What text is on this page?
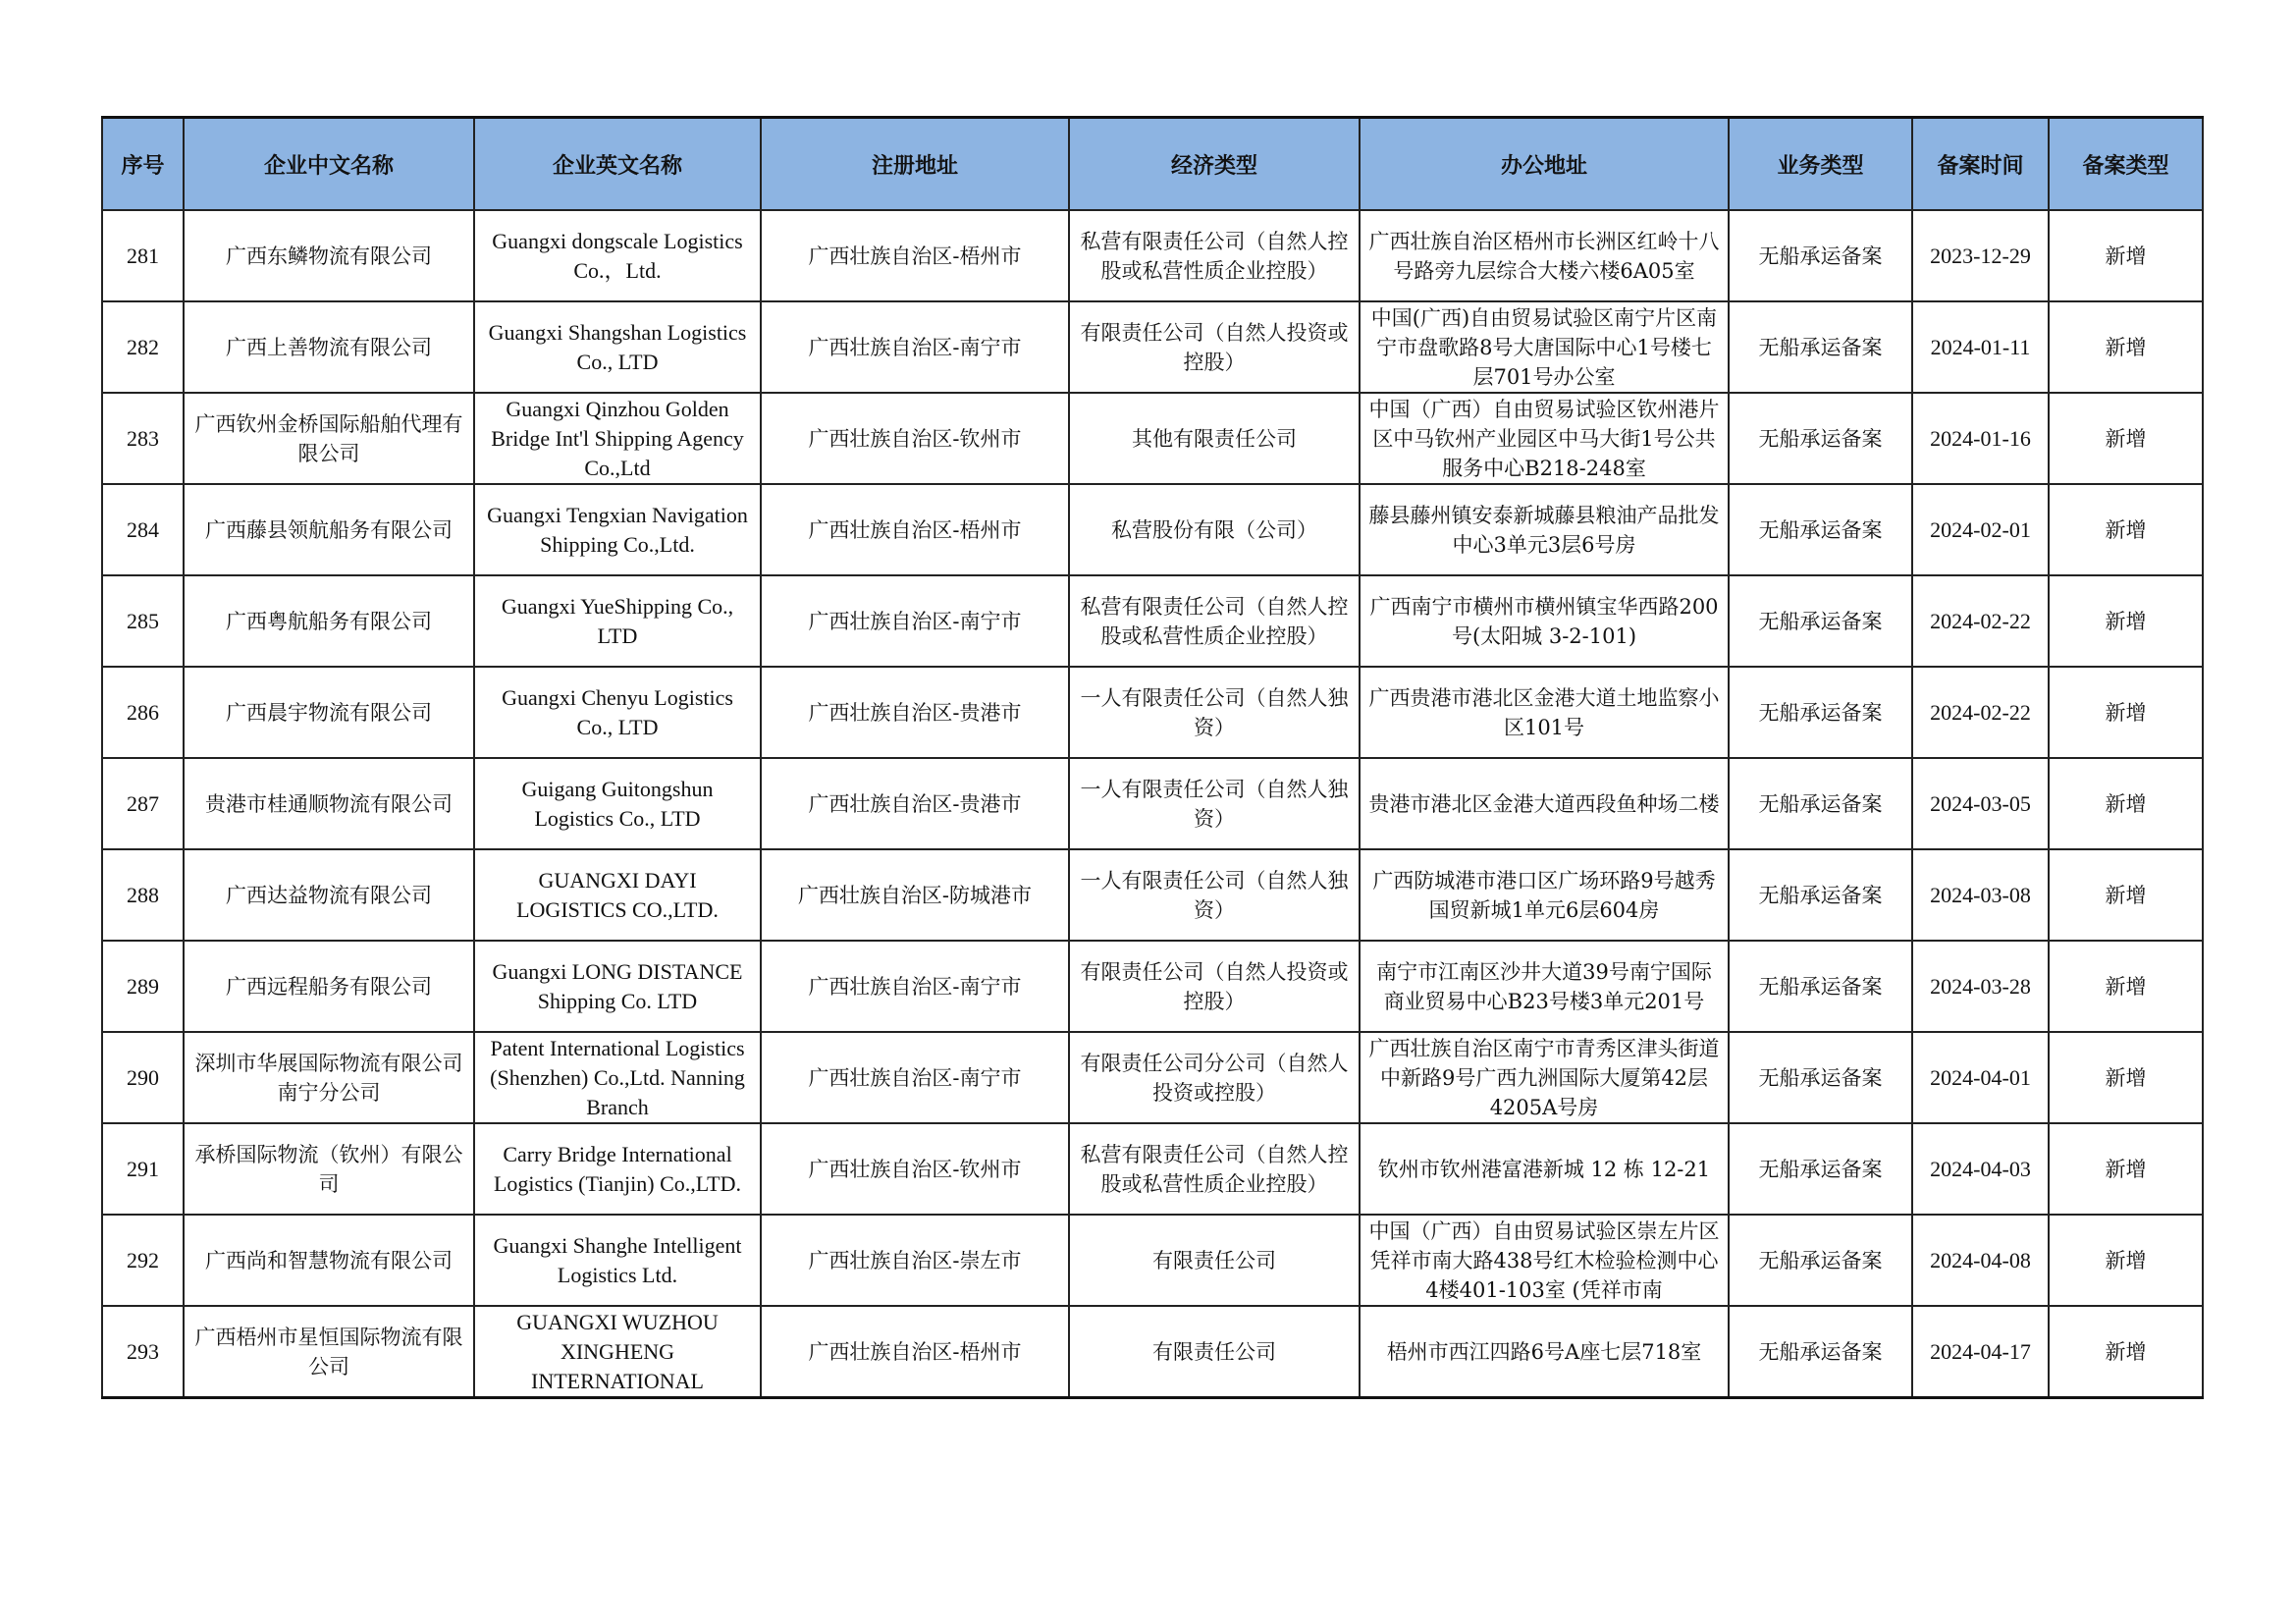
序号	企业中文名称	企业英文名称	注册地址	经济类型	办公地址	业务类型	备案时间	备案类型
281	广西东鳞物流有限公司	Guangxi dongscale Logistics Co.，Ltd.	广西壮族自治区-梧州市	私营有限责任公司（自然人控股或私营性质企业控股）	广西壮族自治区梧州市长洲区红岭十八号路旁九层综合大楼六楼6A05室	无船承运备案	2023-12-29	新增
282	广西上善物流有限公司	Guangxi Shangshan Logistics Co., LTD	广西壮族自治区-南宁市	有限责任公司（自然人投资或控股）	中国(广西)自由贸易试验区南宁片区南宁市盘歌路8号大唐国际中心1号楼七层701号办公室	无船承运备案	2024-01-11	新增
283	广西钦州金桥国际船舶代理有限公司	Guangxi Qinzhou Golden Bridge Int'l Shipping Agency Co.,Ltd	广西壮族自治区-钦州市	其他有限责任公司	中国（广西）自由贸易试验区钦州港片区中马钦州产业园区中马大街1号公共服务中心B218-248室	无船承运备案	2024-01-16	新增
284	广西藤县领航船务有限公司	Guangxi Tengxian Navigation Shipping Co.,Ltd.	广西壮族自治区-梧州市	私营股份有限（公司）	藤县藤州镇安泰新城藤县粮油产品批发中心3单元3层6号房	无船承运备案	2024-02-01	新增
285	广西粤航船务有限公司	Guangxi YueShipping Co., LTD	广西壮族自治区-南宁市	私营有限责任公司（自然人控股或私营性质企业控股）	广西南宁市横州市横州镇宝华西路200号(太阳城 3-2-101)	无船承运备案	2024-02-22	新增
286	广西晨宇物流有限公司	Guangxi Chenyu Logistics Co., LTD	广西壮族自治区-贵港市	一人有限责任公司（自然人独资）	广西贵港市港北区金港大道土地监察小区101号	无船承运备案	2024-02-22	新增
287	贵港市桂通顺物流有限公司	Guigang Guitongshun Logistics Co., LTD	广西壮族自治区-贵港市	一人有限责任公司（自然人独资）	贵港市港北区金港大道西段鱼种场二楼	无船承运备案	2024-03-05	新增
288	广西达益物流有限公司	GUANGXI DAYI LOGISTICS CO.,LTD.	广西壮族自治区-防城港市	一人有限责任公司（自然人独资）	广西防城港市港口区广场环路9号越秀国贸新城1单元6层604房	无船承运备案	2024-03-08	新增
289	广西远程船务有限公司	Guangxi LONG DISTANCE Shipping Co. LTD	广西壮族自治区-南宁市	有限责任公司（自然人投资或控股）	南宁市江南区沙井大道39号南宁国际商业贸易中心B23号楼3单元201号	无船承运备案	2024-03-28	新增
290	深圳市华展国际物流有限公司南宁分公司	Patent International Logistics (Shenzhen) Co.,Ltd. Nanning Branch	广西壮族自治区-南宁市	有限责任公司分公司（自然人投资或控股）	广西壮族自治区南宁市青秀区津头街道中新路9号广西九洲国际大厦第42层4205A号房	无船承运备案	2024-04-01	新增
291	承桥国际物流（钦州）有限公司	Carry Bridge International Logistics (Tianjin) Co.,LTD.	广西壮族自治区-钦州市	私营有限责任公司（自然人控股或私营性质企业控股）	钦州市钦州港富港新城 12 栋 12-21	无船承运备案	2024-04-03	新增
292	广西尚和智慧物流有限公司	Guangxi Shanghe Intelligent Logistics Ltd.	广西壮族自治区-崇左市	有限责任公司	中国（广西）自由贸易试验区崇左片区凭祥市南大路438号红木检验检测中心4楼401-103室 (凭祥市南	无船承运备案	2024-04-08	新增
293	广西梧州市星恒国际物流有限公司	GUANGXI WUZHOU XINGHENG INTERNATIONAL	广西壮族自治区-梧州市	有限责任公司	梧州市西江四路6号A座七层718室	无船承运备案	2024-04-17	新增
